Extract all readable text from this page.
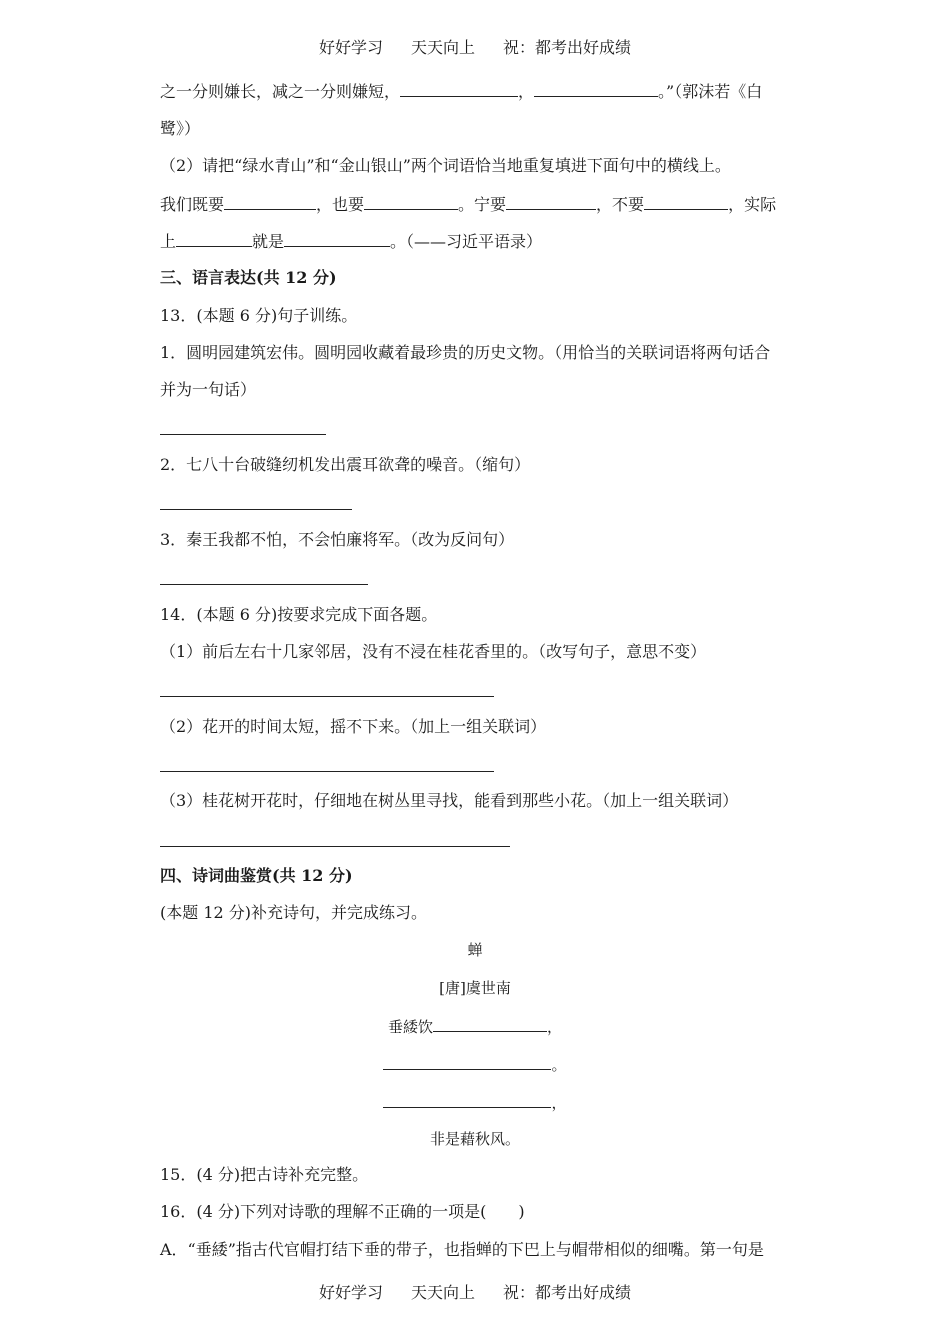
好好学习 天天向上 祝：都考出好成绩
之一分则嫌长，减之一分则嫌短，	，	。”（郭沫若《白
鹭》）
（2）请把“绿水青山”和“金山银山”两个词语恰当地重复填进下面句中的横线上。
我们既要	，也要	。宁要	，不要	，实际
上	就是	。（——习近平语录）
三、语言表达(共 12 分)
13．(本题 6 分)句子训练。
1．圆明园建筑宏伟。圆明园收藏着最珍贵的历史文物。（用恰当的关联词语将两句话合
并为一句话）
2．七八十台破缝纫机发出震耳欲聋的噪音。（缩句）
3．秦王我都不怕，不会怕廉将军。（改为反问句）
14．(本题 6 分)按要求完成下面各题。
（1）前后左右十几家邻居，没有不浸在桂花香里的。（改写句子，意思不变）
（2）花开的时间太短，摇不下来。（加上一组关联词）
（3）桂花树开花时，仔细地在树丛里寻找，能看到那些小花。（加上一组关联词）
四、诗词曲鉴赏(共 12 分)
(本题 12 分)补充诗句，并完成练习。
蝉
[唐]虞世南
垂緌饮	，
。
，
非是藉秋风。
15．(4 分)把古诗补充完整。
16．(4 分)下列对诗歌的理解不正确的一项是(　　)
A．“垂緌”指古代官帽打结下垂的带子，也指蝉的下巴上与帽带相似的细嘴。第一句是
好好学习 天天向上 祝：都考出好成绩
